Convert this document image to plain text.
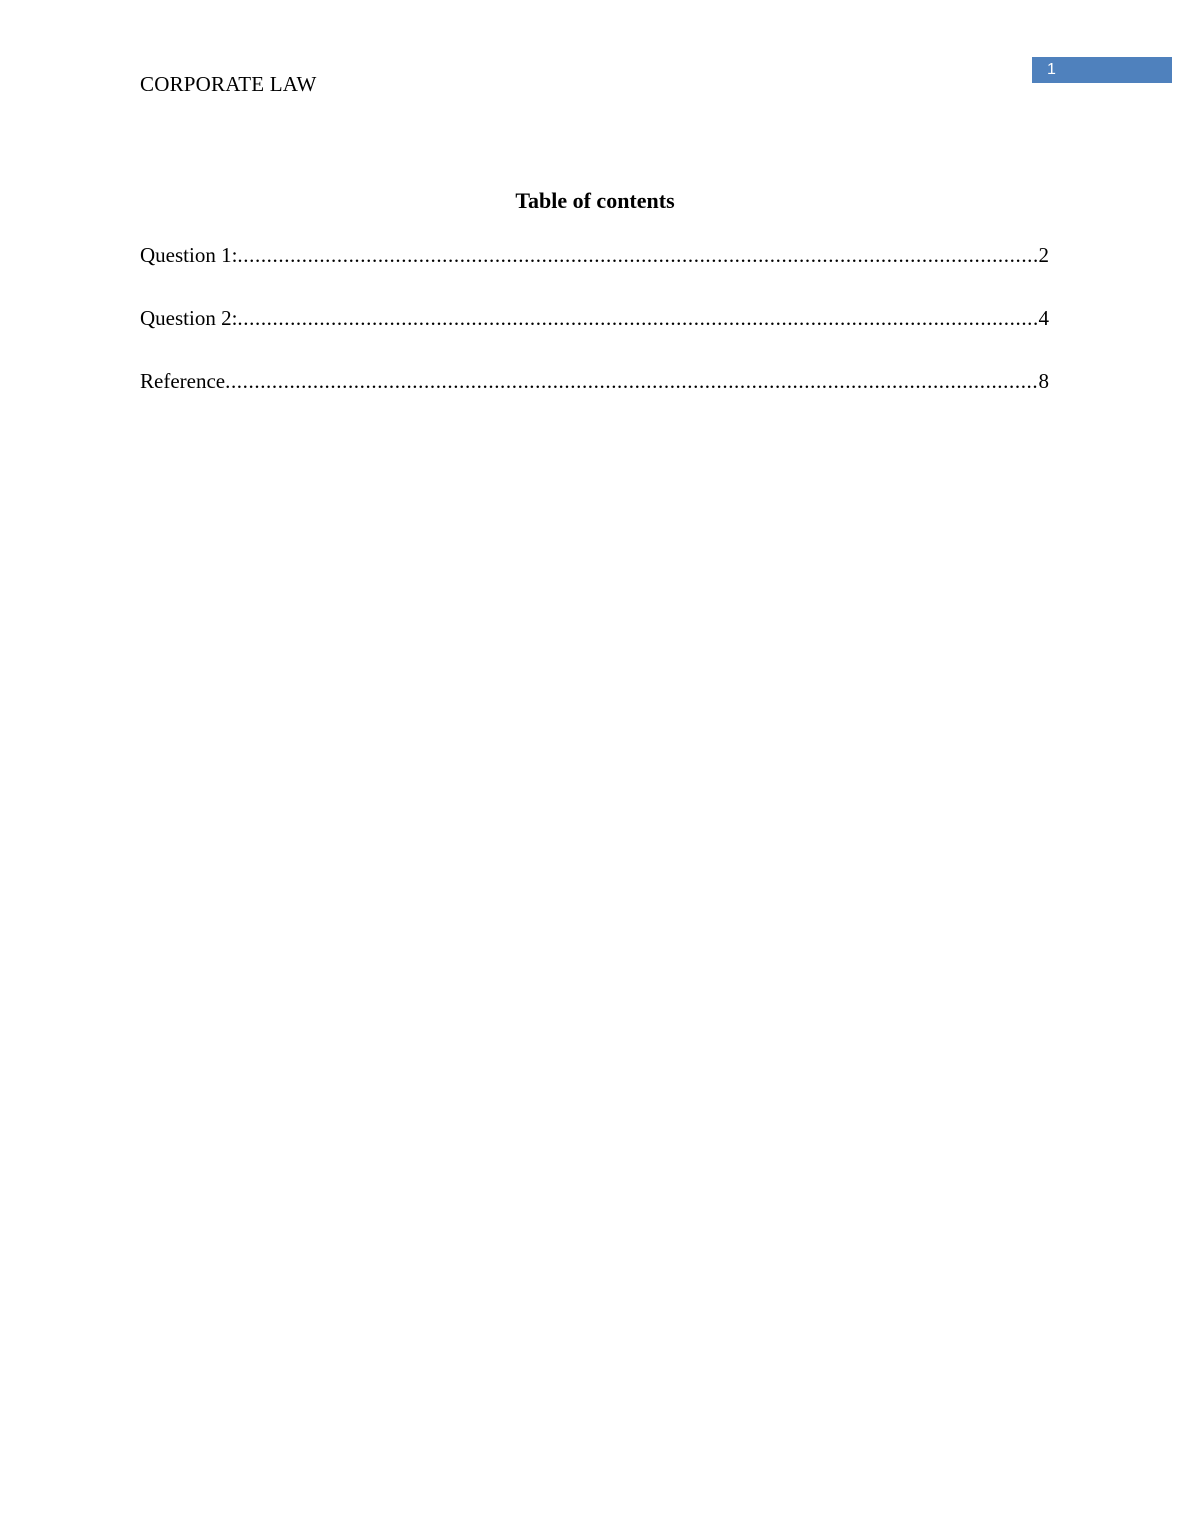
CORPORATE LAW
1
Table of contents
Question 1: .....	2
Question 2: .....	4
Reference .....	8
